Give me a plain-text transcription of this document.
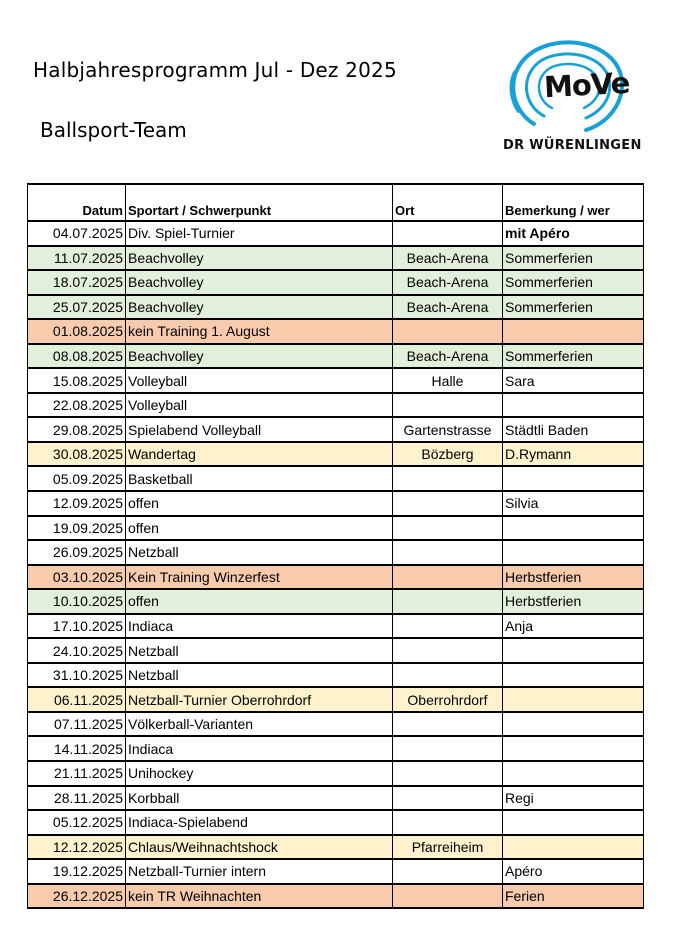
Halbjahresprogramm Jul - Dez 2025
Ballsport-Team
MoVe
DR WÜRENLINGEN
Datum	Sportart / Schwerpunkt	Ort	Bemerkung / wer
04.07.2025	Div. Spiel-Turnier		mit Apéro
11.07.2025	Beachvolley	Beach-Arena	Sommerferien
18.07.2025	Beachvolley	Beach-Arena	Sommerferien
25.07.2025	Beachvolley	Beach-Arena	Sommerferien
01.08.2025	kein Training 1. August		
08.08.2025	Beachvolley	Beach-Arena	Sommerferien
15.08.2025	Volleyball	Halle	Sara
22.08.2025	Volleyball		
29.08.2025	Spielabend Volleyball	Gartenstrasse	Städtli Baden
30.08.2025	Wandertag	Bözberg	D.Rymann
05.09.2025	Basketball		
12.09.2025	offen		Silvia
19.09.2025	offen		
26.09.2025	Netzball		
03.10.2025	Kein Training Winzerfest		Herbstferien
10.10.2025	offen		Herbstferien
17.10.2025	Indiaca		Anja
24.10.2025	Netzball		
31.10.2025	Netzball		
06.11.2025	Netzball-Turnier Oberrohrdorf	Oberrohrdorf	
07.11.2025	Völkerball-Varianten		
14.11.2025	Indiaca		
21.11.2025	Unihockey		
28.11.2025	Korbball		Regi
05.12.2025	Indiaca-Spielabend		
12.12.2025	Chlaus/Weihnachtshock	Pfarreiheim	
19.12.2025	Netzball-Turnier intern		Apéro
26.12.2025	kein TR Weihnachten		Ferien
